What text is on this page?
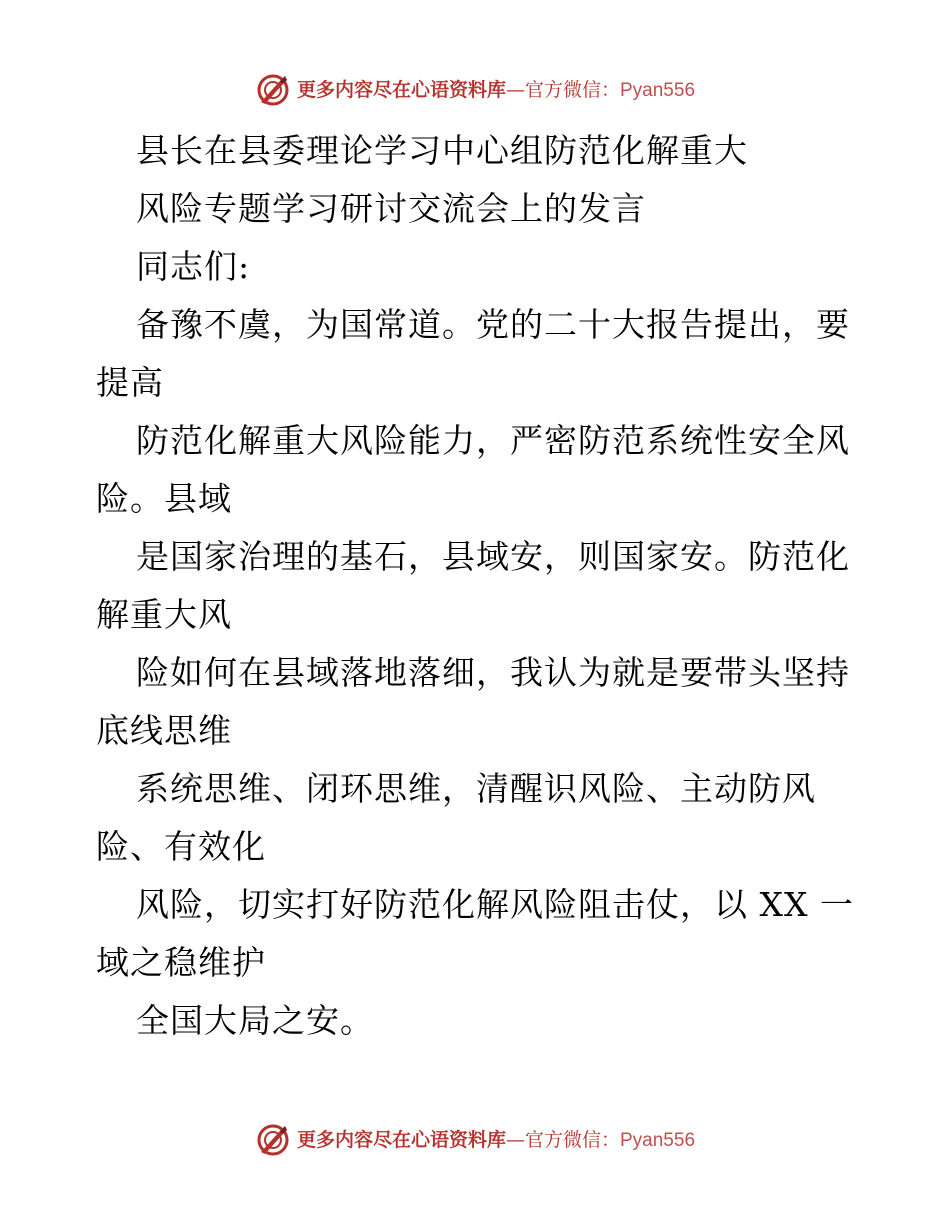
更多内容尽在心语资料库 — 官方微信： Pyan556
县长在县委理论学习中心组防范化解重大
风险专题学习研讨交流会上的发言
同志们:
备豫不虞，为国常道。党的二十大报告提出，要
提高
防范化解重大风险能力，严密防范系统性安全风
险。县域
是国家治理的基石，县域安，则国家安。防范化
解重大风
险如何在县域落地落细，我认为就是要带头坚持
底线思维
系统思维、闭环思维，清醒识风险、主动防风
险、有效化
风险，切实打好防范化解风险阻击仗，以 XX 一
域之稳维护
全国大局之安。
更多内容尽在心语资料库 — 官方微信： Pyan556
